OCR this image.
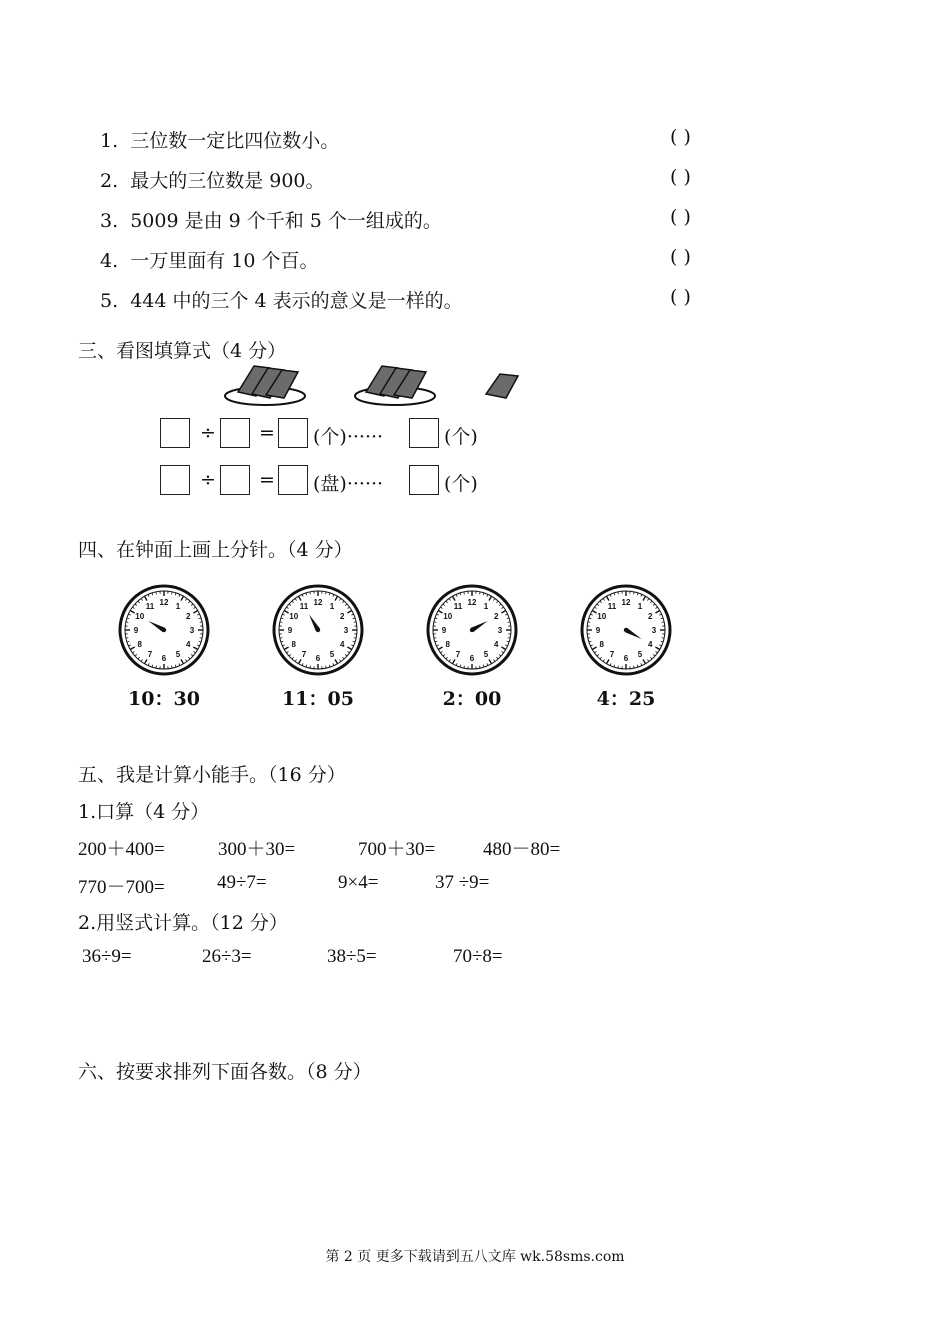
1. 三位数一定比四位数小。	( )
2. 最大的三位数是 900。	( )
3. 5009 是由 9 个千和 5 个一组成的。	( )
4. 一万里面有 10 个百。	( )
5. 444 中的三个 4 表示的意义是一样的。	( )
三、看图填算式（4 分）
÷ = (个)······	(个)
÷ = (盘)······	(个)
四、在钟面上画上分针。（4 分）
1
2
3
4
5
6
7
8
9
10
11 12	1
2
3
4
5
6
7
8
9
10
11 12	1
2
3
4
5
6
7
8
9
10
11 12	1
2
3
4
5
6
7
8
9
10
11 12
10：30	11：05	2：00	4：25
五、我是计算小能手。（16 分）
1.口算（4 分）
200＋400=	300＋30=	700＋30=	480－80=
770－700=	49÷7=	9×4=	37 ÷9=
2.用竖式计算。（12 分）
36÷9=	26÷3=	38÷5=	70÷8=
六、按要求排列下面各数。（8 分）
第 2 页 更多下载请到五八文库 wk.58sms.com
